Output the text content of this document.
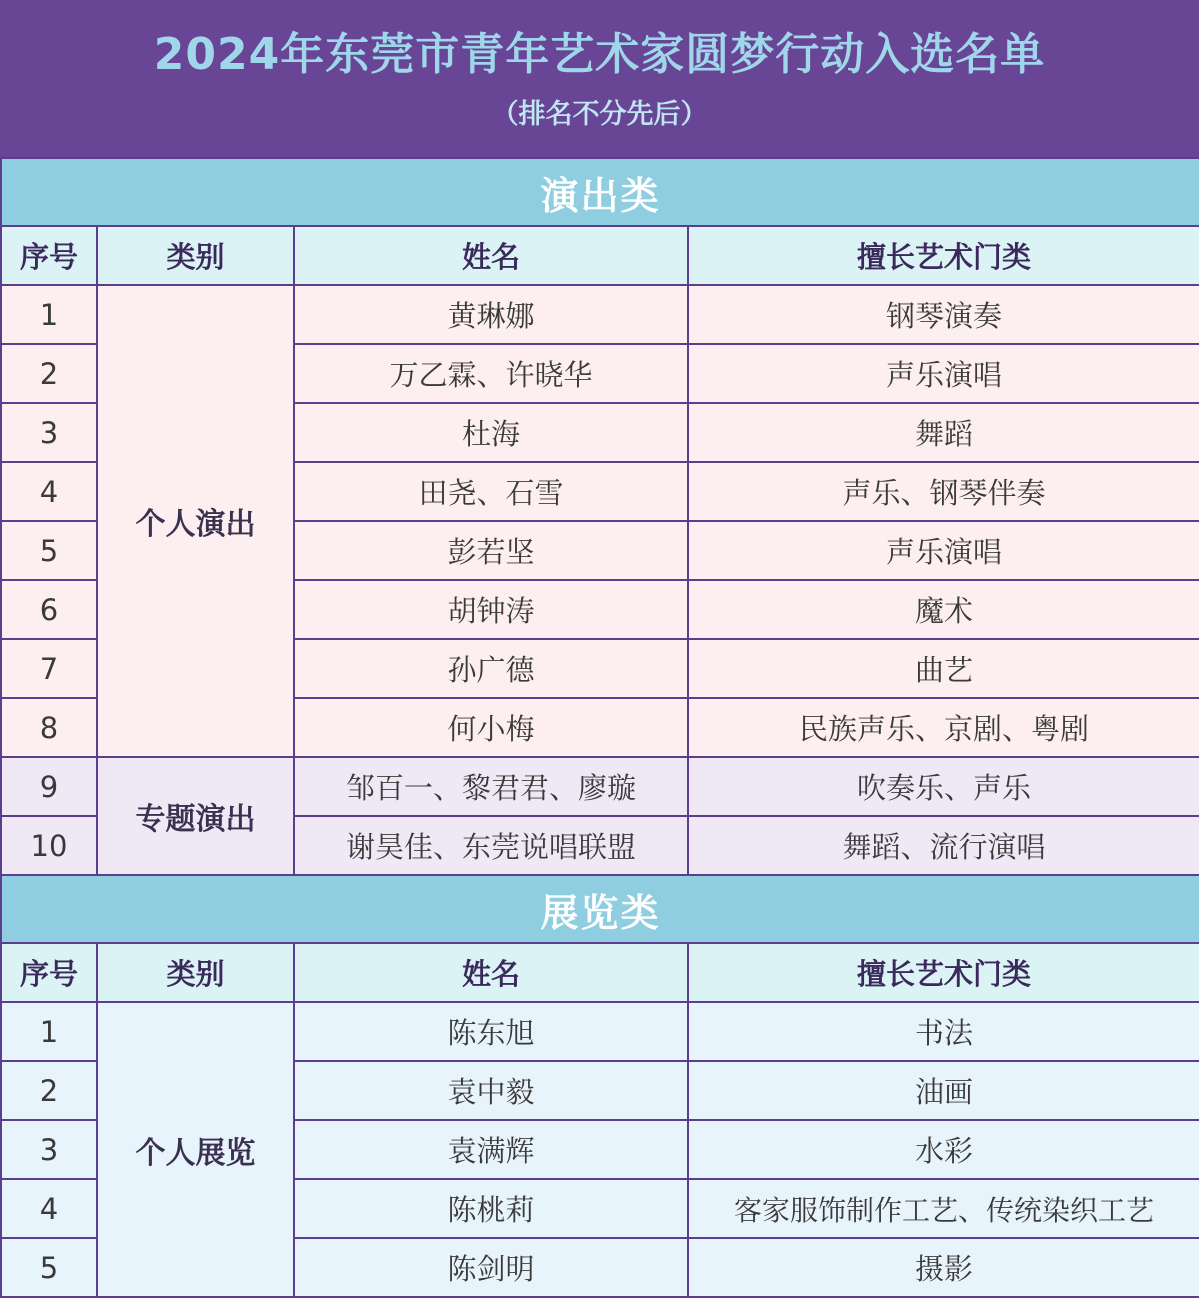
2024年东莞市青年艺术家圆梦行动入选名单
（排名不分先后）
演出类			
序号	类别	姓名	擅长艺术门类
1	个人演出	黄琳娜	钢琴演奏
2		万乙霖、许晓华	声乐演唱
3		杜海	舞蹈
4		田尧、石雪	声乐、钢琴伴奏
5		彭若坚	声乐演唱
6		胡钟涛	魔术
7		孙广德	曲艺
8		何小梅	民族声乐、京剧、粤剧
9	专题演出	邹百一、黎君君、廖璇	吹奏乐、声乐
10		谢昊佳、东莞说唱联盟	舞蹈、流行演唱
展览类			
序号	类别	姓名	擅长艺术门类
1	个人展览	陈东旭	书法
2		袁中毅	油画
3		袁满辉	水彩
4		陈桃莉	客家服饰制作工艺、传统染织工艺
5		陈剑明	摄影
